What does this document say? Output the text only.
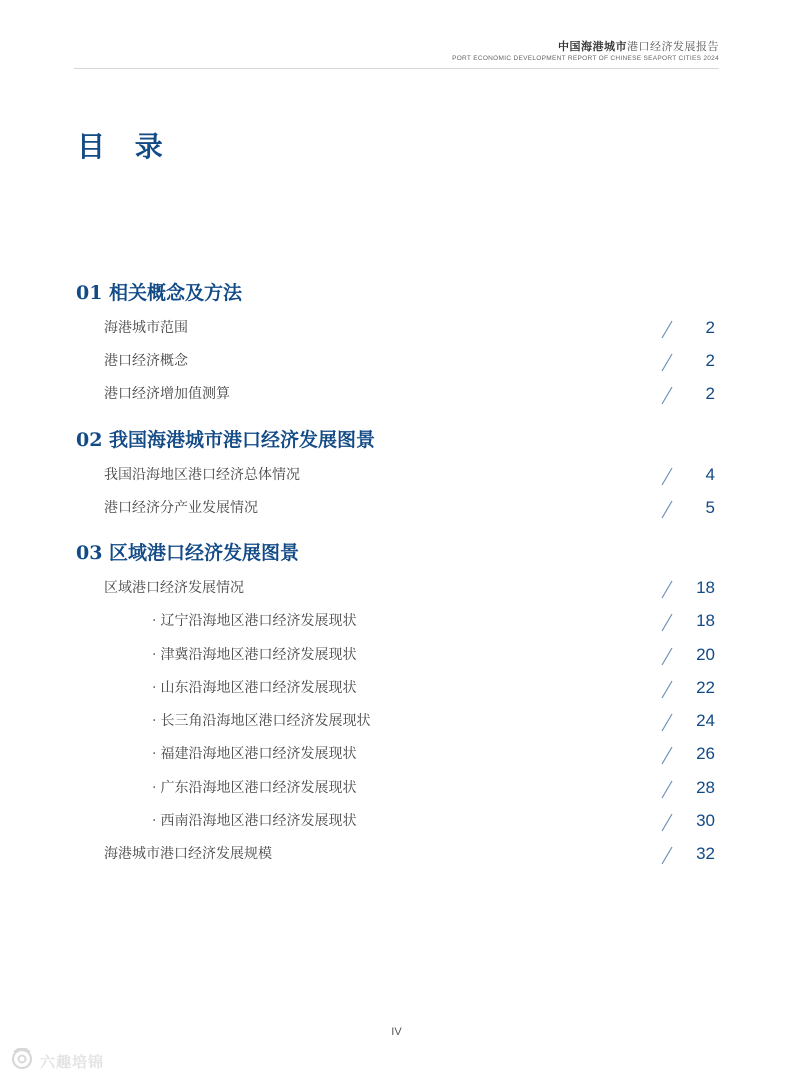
中国海港城市港口经济发展报告
PORT ECONOMIC DEVELOPMENT REPORT OF CHINESE SEAPORT CITIES 2024
目 录
01 相关概念及方法
海港城市范围	2
港口经济概念	2
港口经济增加值测算	2
02 我国海港城市港口经济发展图景
我国沿海地区港口经济总体情况	4
港口经济分产业发展情况	5
03 区域港口经济发展图景
区域港口经济发展情况	18
· 辽宁沿海地区港口经济发展现状	18
· 津冀沿海地区港口经济发展现状	20
· 山东沿海地区港口经济发展现状	22
· 长三角沿海地区港口经济发展现状	24
· 福建沿海地区港口经济发展现状	26
· 广东沿海地区港口经济发展现状	28
· 西南沿海地区港口经济发展现状	30
海港城市港口经济发展规模	32
IV
六趣培锦
